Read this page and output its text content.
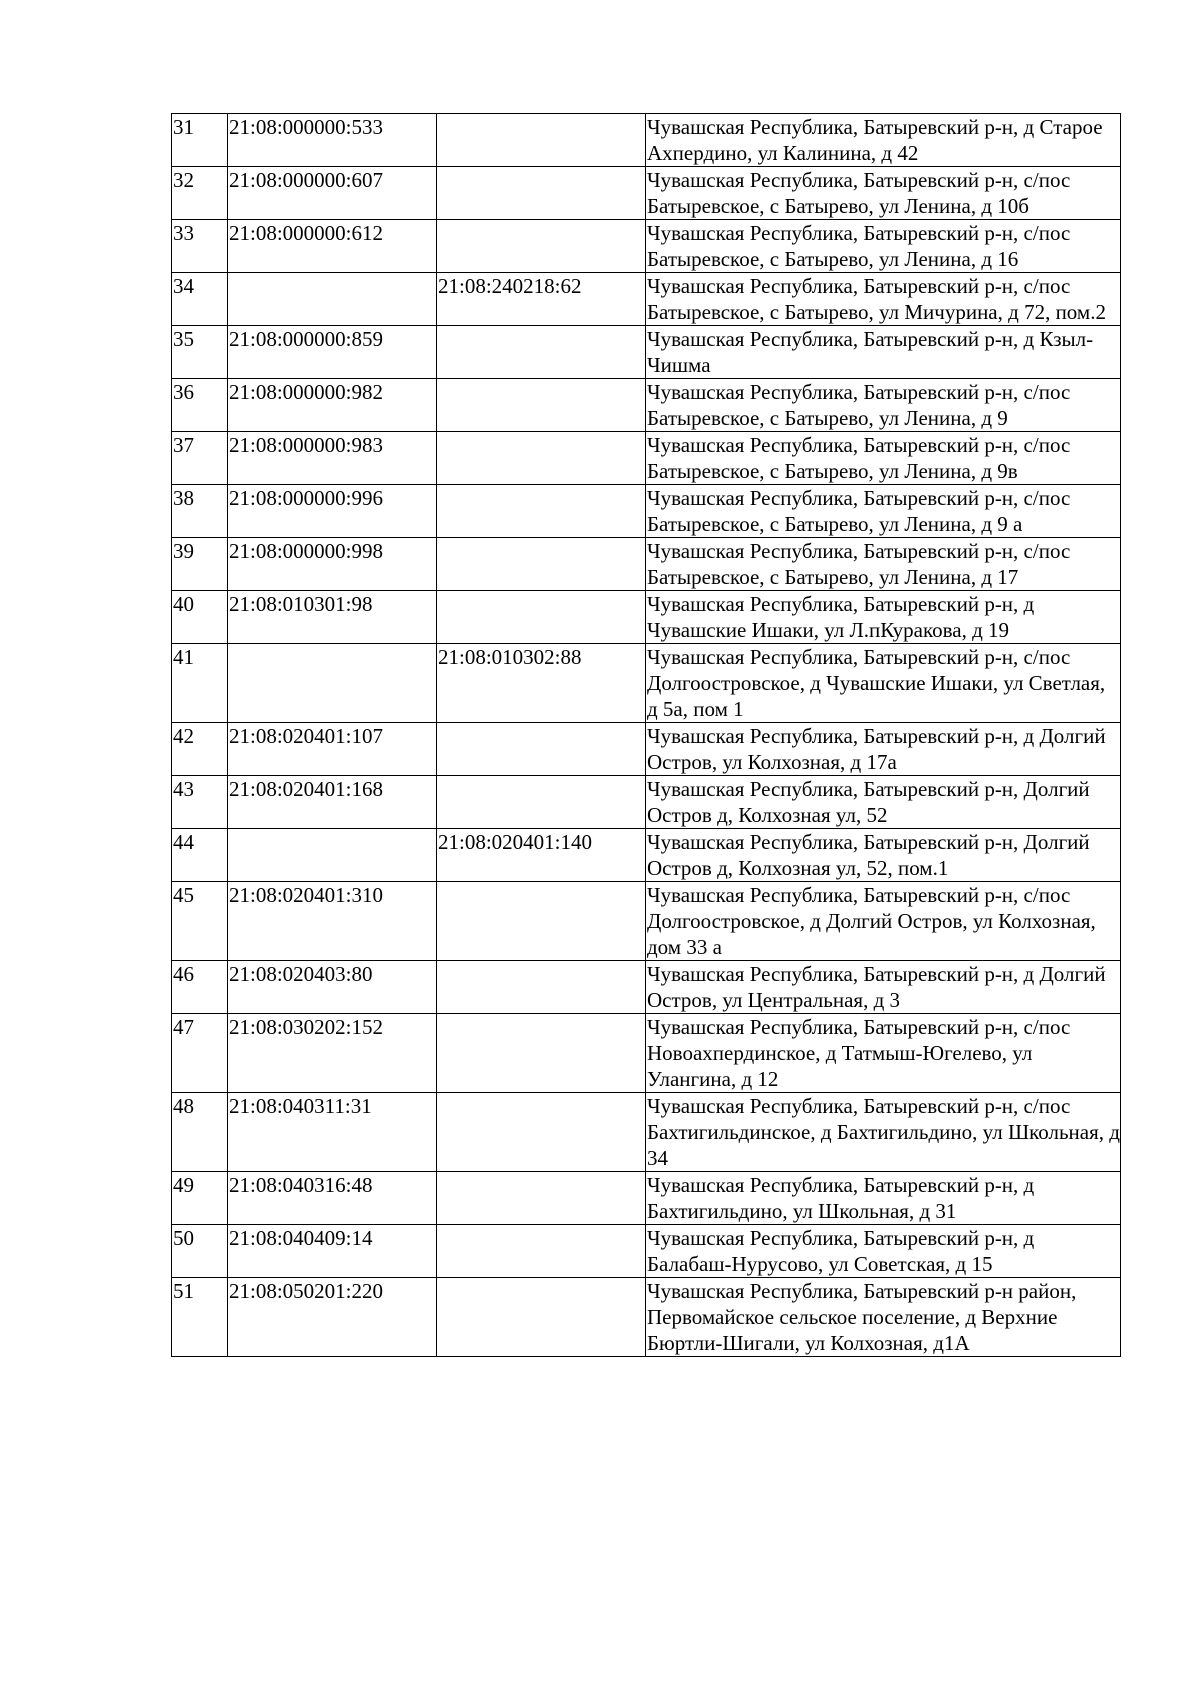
31	21:08:000000:533		Чувашская Республика, Батыревский р-н, д Старое Ахпердино, ул Калинина, д 42
32	21:08:000000:607		Чувашская Республика, Батыревский р-н, с/пос Батыревское, с Батырево, ул Ленина, д 10б
33	21:08:000000:612		Чувашская Республика, Батыревский р-н, с/пос Батыревское, с Батырево, ул Ленина, д 16
34		21:08:240218:62	Чувашская Республика, Батыревский р-н, с/пос Батыревское, с Батырево, ул Мичурина, д 72, пом.2
35	21:08:000000:859		Чувашская Республика, Батыревский р-н, д Кзыл-Чишма
36	21:08:000000:982		Чувашская Республика, Батыревский р-н, с/пос Батыревское, с Батырево, ул Ленина, д 9
37	21:08:000000:983		Чувашская Республика, Батыревский р-н, с/пос Батыревское, с Батырево, ул Ленина, д 9в
38	21:08:000000:996		Чувашская Республика, Батыревский р-н, с/пос Батыревское, с Батырево, ул Ленина, д 9 а
39	21:08:000000:998		Чувашская Республика, Батыревский р-н, с/пос Батыревское, с Батырево, ул Ленина, д 17
40	21:08:010301:98		Чувашская Республика, Батыревский р-н, д Чувашские Ишаки, ул Л.пКуракова, д 19
41		21:08:010302:88	Чувашская Республика, Батыревский р-н, с/пос Долгоостровское, д Чувашские Ишаки, ул Светлая, д 5а, пом 1
42	21:08:020401:107		Чувашская Республика, Батыревский р-н, д Долгий Остров, ул Колхозная, д 17а
43	21:08:020401:168		Чувашская Республика, Батыревский р-н, Долгий Остров д, Колхозная ул, 52
44		21:08:020401:140	Чувашская Республика, Батыревский р-н, Долгий Остров д, Колхозная ул, 52, пом.1
45	21:08:020401:310		Чувашская Республика, Батыревский р-н, с/пос Долгоостровское, д Долгий Остров, ул Колхозная, дом 33 а
46	21:08:020403:80		Чувашская Республика, Батыревский р-н, д Долгий Остров, ул Центральная, д 3
47	21:08:030202:152		Чувашская Республика, Батыревский р-н, с/пос Новоахпердинское, д Татмыш-Югелево, ул Улангина, д 12
48	21:08:040311:31		Чувашская Республика, Батыревский р-н, с/пос Бахтигильдинское, д Бахтигильдино, ул Школьная, д 34
49	21:08:040316:48		Чувашская Республика, Батыревский р-н, д Бахтигильдино, ул Школьная, д 31
50	21:08:040409:14		Чувашская Республика, Батыревский р-н, д Балабаш-Нурусово, ул Советская, д 15
51	21:08:050201:220		Чувашская Республика, Батыревский р-н район, Первомайское сельское поселение, д Верхние Бюртли-Шигали, ул Колхозная, д1А
